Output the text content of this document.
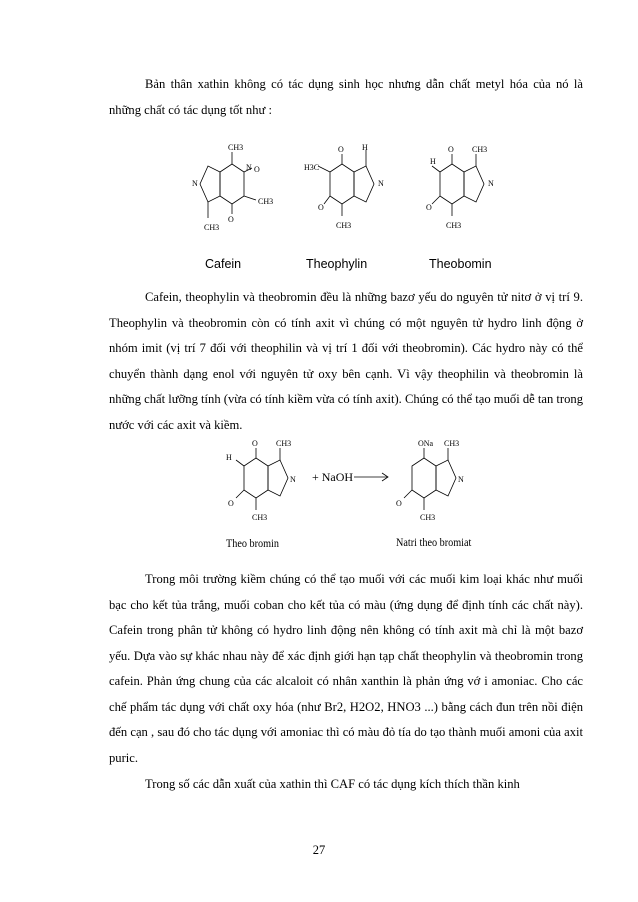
Bản thân xathin không có tác dụng sinh học nhưng dẫn chất metyl hóa của nó là những chất có tác dụng tốt như :

CH3
N
N O
CH3
O
CH3
H3C
O H
O
CH3
N
H
O CH3
O
CH3
N
Cafein	Theophylin	Theobomin

Cafein, theophylin và theobromin đều là những bazơ yếu do nguyên tử nitơ ở vị trí 9. Theophylin và theobromin còn có tính axit vì chúng có một nguyên tử hydro linh động ở nhóm imit (vị trí 7 đối với theophilin và vị trí 1 đối với theobromin). Các hydro này có thể chuyển thành dạng enol với nguyên tử oxy bên cạnh. Vì vậy theophilin và theobromin là những chất lưỡng tính (vừa có tính kiềm vừa có tính axit). Chúng có thể tạo muối dễ tan trong nước với các axit và kiềm.

H
O CH3
O
CH3
N
ONa CH3
O
CH3
N
+ NaOH
Theo bromin	Natri theo bromiat

Trong môi trường kiềm chúng có thể tạo muối với các muối kim loại khác như muối bạc cho kết tủa trắng, muối coban cho kết tủa có màu (ứng dụng để định tính các chất này). Cafein trong phân tử không có hydro linh động nên không có tính axit mà chỉ là một bazơ yếu. Dựa vào sự khác nhau này để xác định giới hạn tạp chất theophylin và theobromin trong cafein. Phản ứng chung của các alcaloit có nhân xanthin là phản ứng vớ i amoniac. Cho các chế phẩm tác dụng với chất oxy hóa (như Br2, H2O2, HNO3 ...) bằng cách đun trên nồi điện đến cạn , sau đó cho tác dụng với amoniac thì có màu đỏ tía do tạo thành muối amoni của axit puric.

Trong số các dẫn xuất của xathin thì CAF có tác dụng kích thích thần kinh

27
